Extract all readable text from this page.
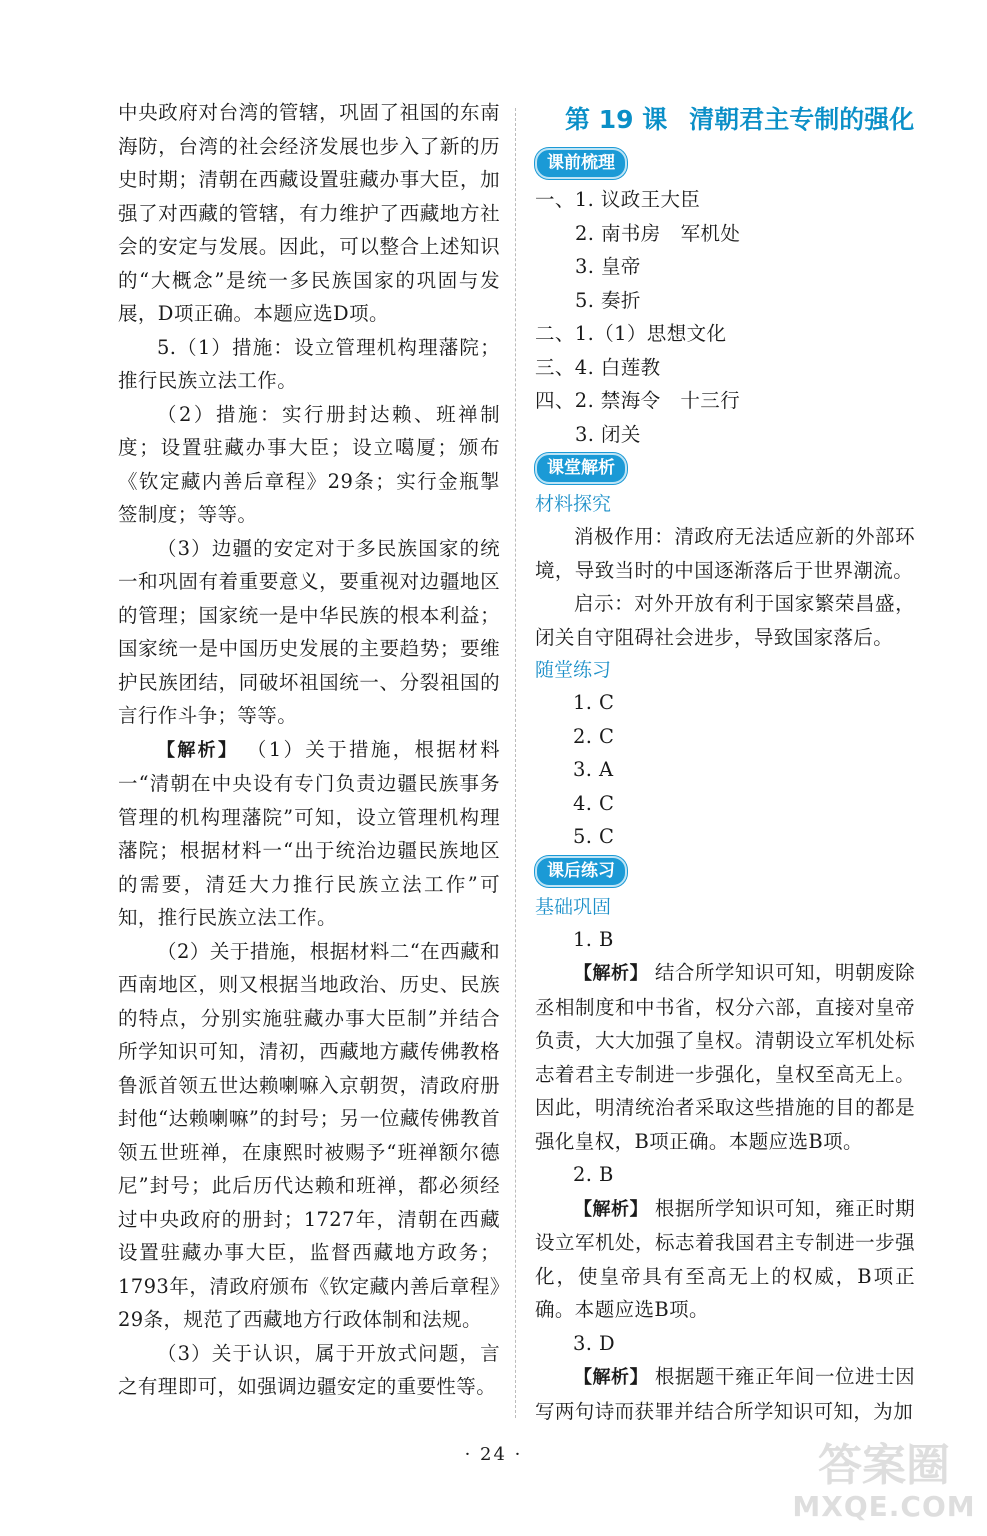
中央政府对台湾的管辖，巩固了祖国的东南海防，台湾的社会经济发展也步入了新的历史时期；清朝在西藏设置驻藏办事大臣，加强了对西藏的管辖，有力维护了西藏地方社会的安定与发展。因此，可以整合上述知识的“大概念”是统一多民族国家的巩固与发展，D项正确。本题应选D项。

5.（1）措施：设立管理机构理藩院；推行民族立法工作。

（2）措施：实行册封达赖、班禅制度；设置驻藏办事大臣；设立噶厦；颁布《钦定藏内善后章程》29条；实行金瓶掣签制度；等等。

（3）边疆的安定对于多民族国家的统一和巩固有着重要意义，要重视对边疆地区的管理；国家统一是中华民族的根本利益；国家统一是中国历史发展的主要趋势；要维护民族团结，同破坏祖国统一、分裂祖国的言行作斗争；等等。

【解析】 （1）关于措施，根据材料一“清朝在中央设有专门负责边疆民族事务管理的机构理藩院”可知，设立管理机构理藩院；根据材料一“出于统治边疆民族地区的需要，清廷大力推行民族立法工作”可知，推行民族立法工作。

（2）关于措施，根据材料二“在西藏和西南地区，则又根据当地政治、历史、民族的特点，分别实施驻藏办事大臣制”并结合所学知识可知，清初，西藏地方藏传佛教格鲁派首领五世达赖喇嘛入京朝贺，清政府册封他“达赖喇嘛”的封号；另一位藏传佛教首领五世班禅，在康熙时被赐予“班禅额尔德尼”封号；此后历代达赖和班禅，都必须经过中央政府的册封；1727年，清朝在西藏设置驻藏办事大臣，监督西藏地方政务；1793年，清政府颁布《钦定藏内善后章程》29条，规范了西藏地方行政体制和法规。

（3）关于认识，属于开放式问题，言之有理即可，如强调边疆安定的重要性等。

第 19 课 清朝君主专制的强化
课前梳理
一、1. 议政王大臣
2. 南书房　军机处
3. 皇帝
5. 奏折
二、1.（1）思想文化
三、4. 白莲教
四、2. 禁海令　十三行
3. 闭关
课堂解析
材料探究

消极作用：清政府无法适应新的外部环境，导致当时的中国逐渐落后于世界潮流。

启示：对外开放有利于国家繁荣昌盛，闭关自守阻碍社会进步，导致国家落后。

随堂练习
1. C
2. C
3. A
4. C
5. C
课后练习
基础巩固
1. B

【解析】 结合所学知识可知，明朝废除丞相制度和中书省，权分六部，直接对皇帝负责，大大加强了皇权。清朝设立军机处标志着君主专制进一步强化，皇权至高无上。因此，明清统治者采取这些措施的目的都是强化皇权，B项正确。本题应选B项。

2. B

【解析】 根据所学知识可知，雍正时期设立军机处，标志着我国君主专制进一步强化，使皇帝具有至高无上的权威，B项正确。本题应选B项。

3. D

【解析】 根据题干雍正年间一位进士因写两句诗而获罪并结合所学知识可知，为加

· 24 ·	答案圈
MXQE.COM
